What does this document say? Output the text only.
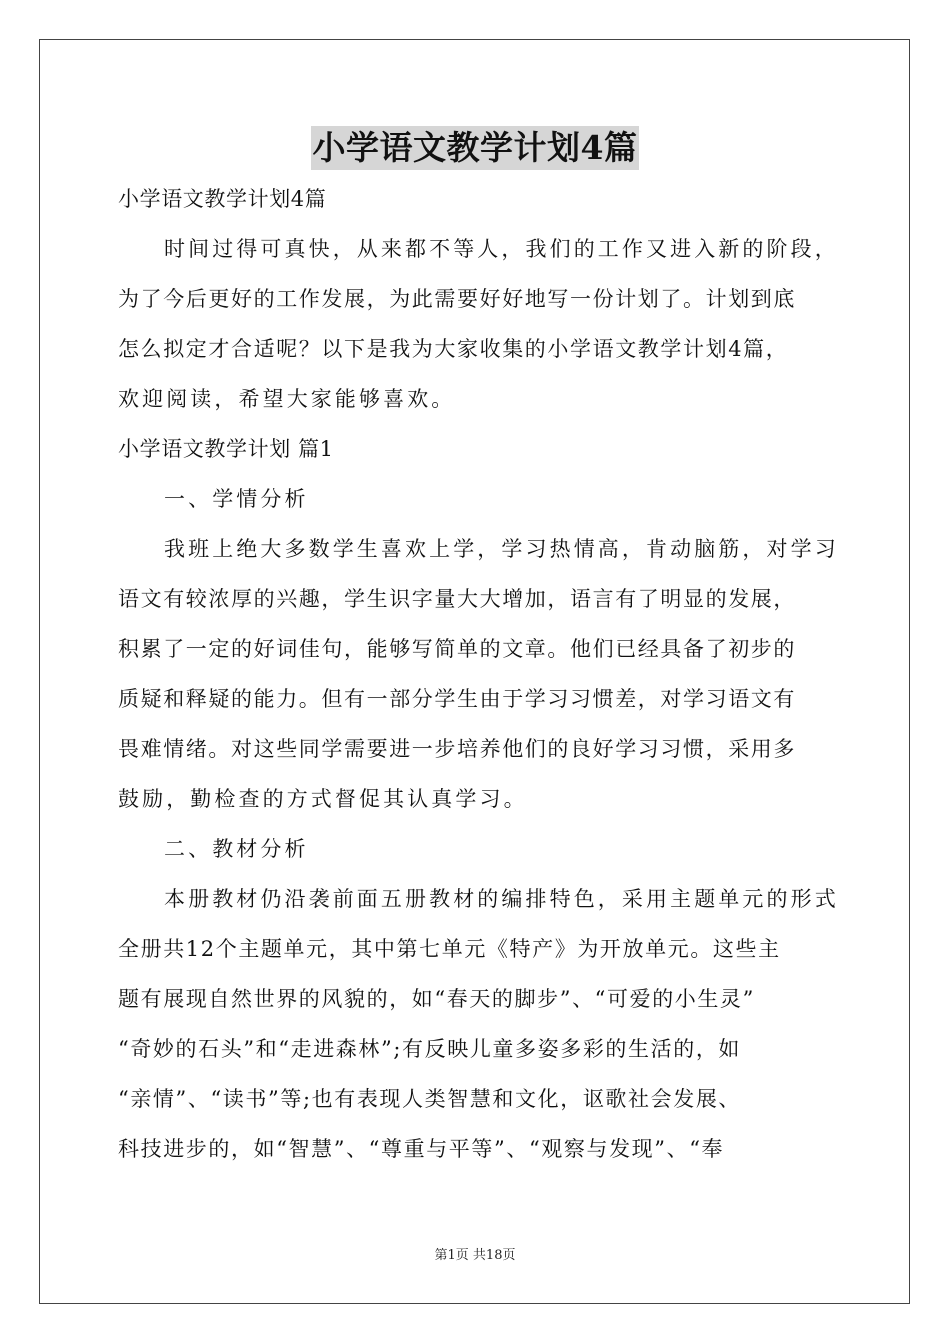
小学语文教学计划4篇
小学语文教学计划4篇
时间过得可真快，从来都不等人，我们的工作又进入新的阶段，
为了今后更好的工作发展，为此需要好好地写一份计划了。计划到底
怎么拟定才合适呢？以下是我为大家收集的小学语文教学计划4篇，
欢迎阅读，希望大家能够喜欢。
小学语文教学计划 篇1
一、学情分析
我班上绝大多数学生喜欢上学，学习热情高，肯动脑筋，对学习
语文有较浓厚的兴趣，学生识字量大大增加，语言有了明显的发展，
积累了一定的好词佳句，能够写简单的文章。他们已经具备了初步的
质疑和释疑的能力。但有一部分学生由于学习习惯差，对学习语文有
畏难情绪。对这些同学需要进一步培养他们的良好学习习惯，采用多
鼓励，勤检查的方式督促其认真学习。
二、教材分析
本册教材仍沿袭前面五册教材的编排特色，采用主题单元的形式
全册共12个主题单元，其中第七单元《特产》为开放单元。这些主
题有展现自然世界的风貌的，如“春天的脚步”、“可爱的小生灵”
“奇妙的石头”和“走进森林”;有反映儿童多姿多彩的生活的，如
“亲情”、“读书”等;也有表现人类智慧和文化，讴歌社会发展、
科技进步的，如“智慧”、“尊重与平等”、“观察与发现”、“奉
第1页 共18页
